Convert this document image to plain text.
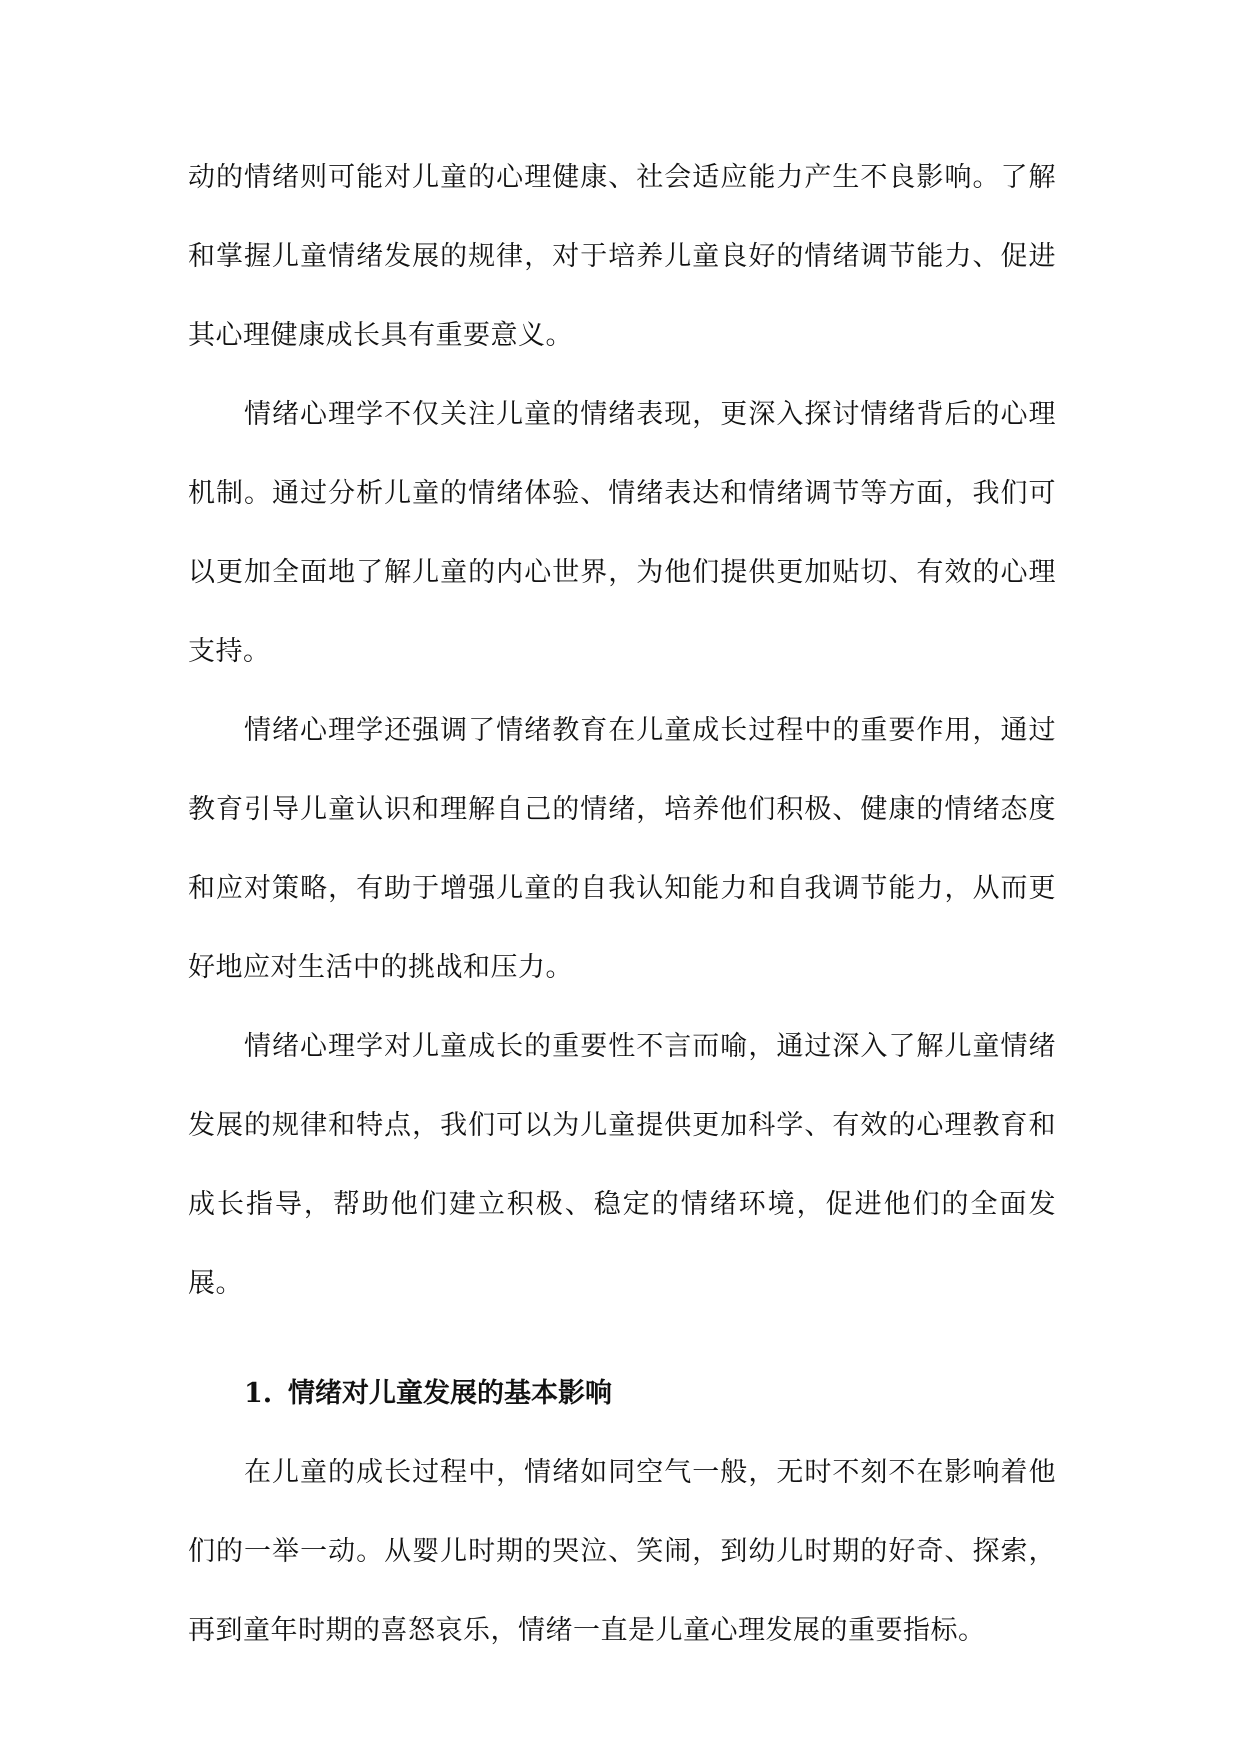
动的情绪则可能对儿童的心理健康、社会适应能力产生不良影响。了解和掌握儿童情绪发展的规律，对于培养儿童良好的情绪调节能力、促进其心理健康成长具有重要意义。

情绪心理学不仅关注儿童的情绪表现，更深入探讨情绪背后的心理机制。通过分析儿童的情绪体验、情绪表达和情绪调节等方面，我们可以更加全面地了解儿童的内心世界，为他们提供更加贴切、有效的心理支持。

情绪心理学还强调了情绪教育在儿童成长过程中的重要作用，通过教育引导儿童认识和理解自己的情绪，培养他们积极、健康的情绪态度和应对策略，有助于增强儿童的自我认知能力和自我调节能力，从而更好地应对生活中的挑战和压力。

情绪心理学对儿童成长的重要性不言而喻，通过深入了解儿童情绪发展的规律和特点，我们可以为儿童提供更加科学、有效的心理教育和成长指导，帮助他们建立积极、稳定的情绪环境，促进他们的全面发展。

1. 情绪对儿童发展的基本影响

在儿童的成长过程中，情绪如同空气一般，无时不刻不在影响着他们的一举一动。从婴儿时期的哭泣、笑闹，到幼儿时期的好奇、探索，再到童年时期的喜怒哀乐，情绪一直是儿童心理发展的重要指标。
